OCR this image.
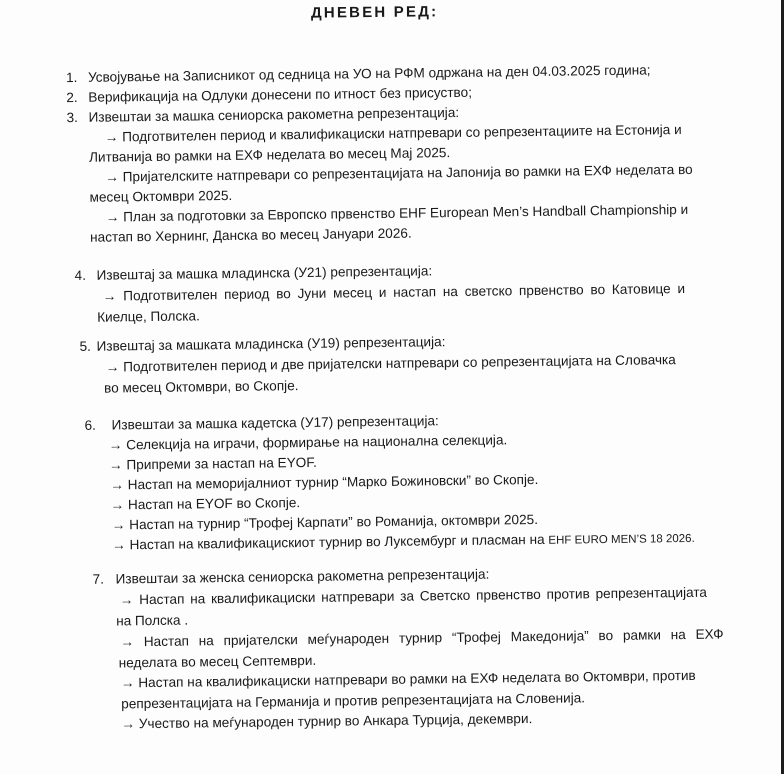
ДНЕВЕН РЕД:
1. Усвојување на Записникот од седница на УО на РФМ одржана на ден 04.03.2025 година;
2. Верификација на Одлуки донесени по итност без присуство;
3. Извештаи за машка сениорска ракометна репрезентација:
→ Подготвителен период и квалификациски натпревари со репрезентациите на Естонија и
Литванија во рамки на ЕХФ неделата во месец Мај 2025.
→ Пријателските натпревари со репрезентацијата на Јапонија во рамки на ЕХФ неделата во
месец Октомври 2025.
→ План за подготовки за Европско првенство EHF European Men’s Handball Championship и
настап во Хернинг, Данска во месец Јануари 2026.
4. Извештај за машка младинска (У21) репрезентација:
→ Подготвителен период во Јуни месец и настап на светско првенство во Катовице и
Киелце, Полска.
5. Извештај за машката младинска (У19) репрезентација:
→ Подготвителен период и две пријателски натпревари со репрезентацијата на Словачка
во месец Октомври, во Скопје.
6. Извештаи за машка кадетска (У17) репрезентација:
→ Селекција на играчи, формирање на национална селекција.
→ Припреми за настап на EYOF.
→ Настап на меморијалниот турнир “Марко Божиновски” во Скопје.
→ Настап на EYOF во Скопје.
→ Настап на турнир “Трофеј Карпати” во Романија, октомври 2025.
→ Настап на квалификацискиот турнир во Луксембург и пласман на EHF EURO MEN’S 18 2026.
7. Извештаи за женска сениорска ракометна репрезентација:
→ Настап на квалификациски натпревари за Светско првенство против репрезентацијата
на Полска .
→ Настап на пријателски меѓународен турнир “Трофеј Македонија” во рамки на ЕХФ
неделата во месец Септември.
→ Настап на квалификациски натпревари во рамки на ЕХФ неделата во Октомври, против
репрезентацијата на Германија и против репрезентацијата на Словенија.
→ Учество на меѓународен турнир во Анкара Турција, декември.
